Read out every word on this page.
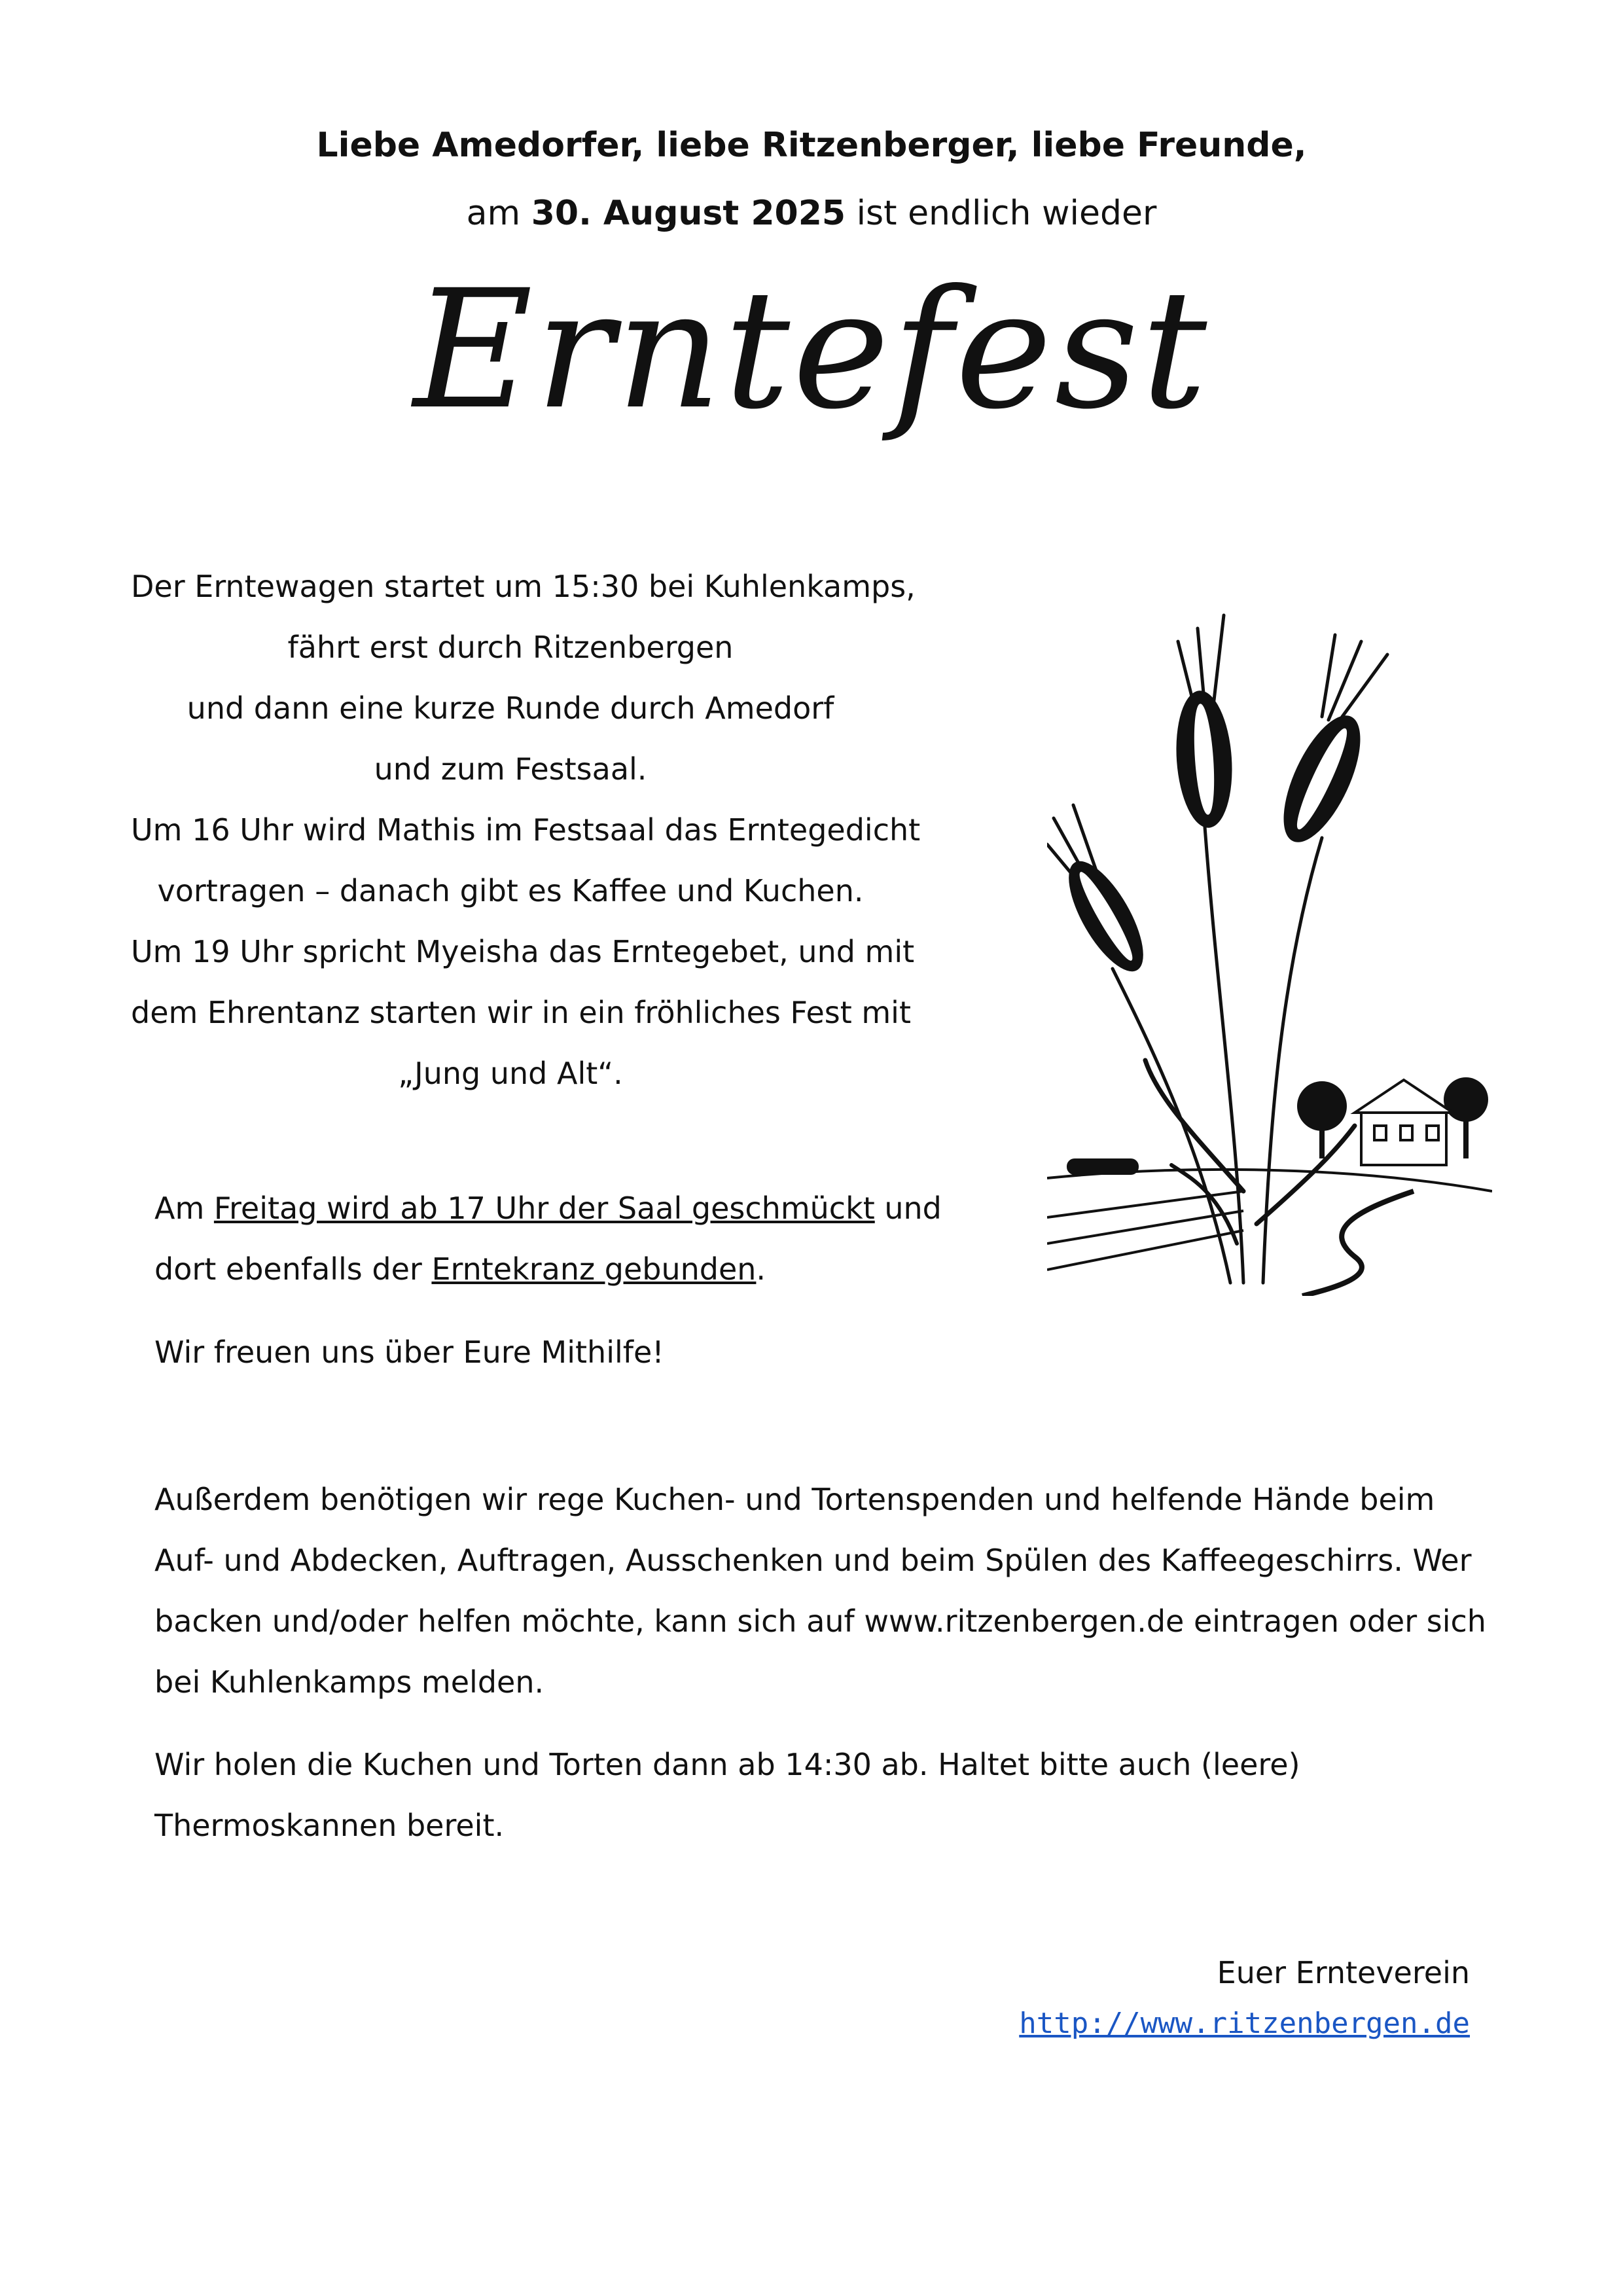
Liebe Amedorfer, liebe Ritzenberger, liebe Freunde,
am 30. August 2025 ist endlich wieder
Erntefest
Der Erntewagen startet um 15:30 bei Kuhlenkamps,
fährt erst durch Ritzenbergen
und dann eine kurze Runde durch Amedorf
und zum Festsaal.
Um 16 Uhr wird Mathis im Festsaal das Erntegedicht
vortragen – danach gibt es Kaffee und Kuchen.
Um 19 Uhr spricht Myeisha das Erntegebet, und mit
dem Ehrentanz starten wir in ein fröhliches Fest mit
„Jung und Alt“.
Am Freitag wird ab 17 Uhr der Saal geschmückt und dort ebenfalls der Erntekranz gebunden.
Wir freuen uns über Eure Mithilfe!
Außerdem benötigen wir rege Kuchen- und Tortenspenden und helfende Hände beim Auf- und Abdecken, Auftragen, Ausschenken und beim Spülen des Kaffeegeschirrs. Wer backen und/oder helfen möchte, kann sich auf www.ritzenbergen.de eintragen oder sich bei Kuhlenkamps melden.
Wir holen die Kuchen und Torten dann ab 14:30 ab. Haltet bitte auch (leere) Thermoskannen bereit.
Euer Ernteverein
http://www.ritzenbergen.de
